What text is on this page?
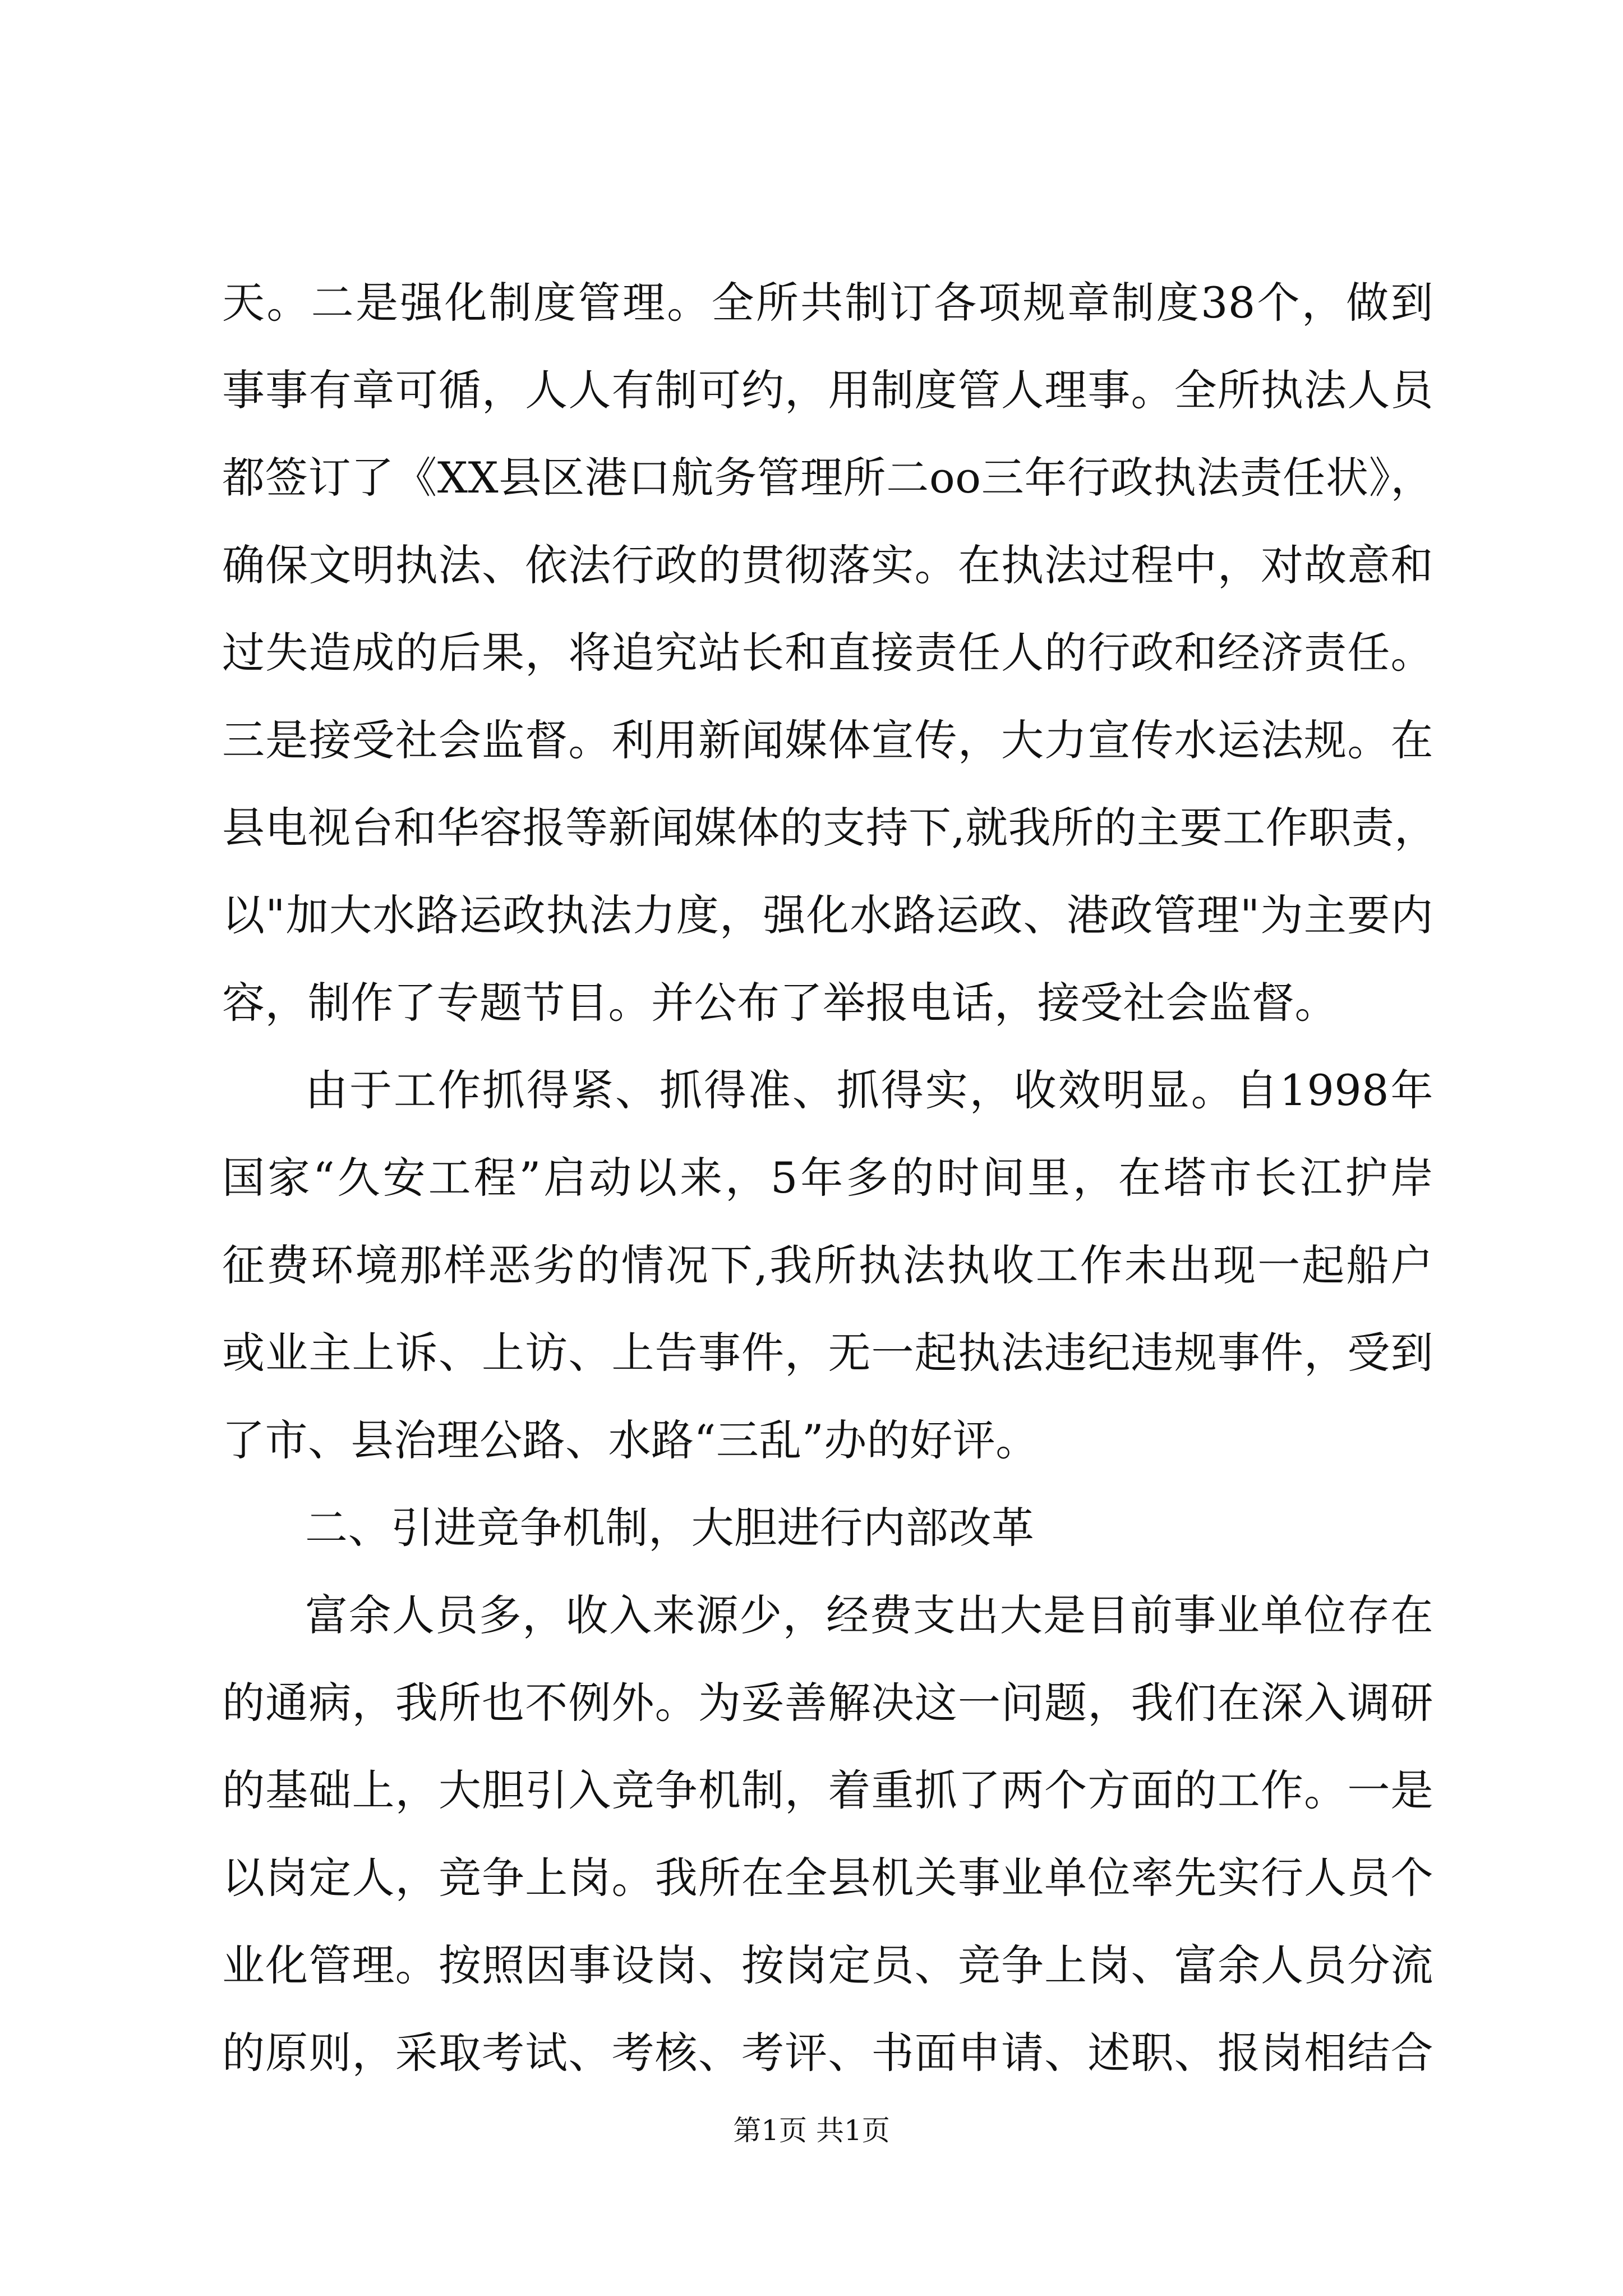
天。二是强化制度管理。全所共制订各项规章制度38个，做到
事事有章可循，人人有制可约，用制度管人理事。全所执法人员
都签订了《XX县区港口航务管理所二oo三年行政执法责任状》，
确保文明执法、依法行政的贯彻落实。在执法过程中，对故意和
过失造成的后果，将追究站长和直接责任人的行政和经济责任。
三是接受社会监督。利用新闻媒体宣传，大力宣传水运法规。在
县电视台和华容报等新闻媒体的支持下,就我所的主要工作职责，
以"加大水路运政执法力度，强化水路运政、港政管理"为主要内
容，制作了专题节目。并公布了举报电话，接受社会监督。
由于工作抓得紧、抓得准、抓得实，收效明显。自1998年
国家“久安工程”启动以来，5年多的时间里，在塔市长江护岸
征费环境那样恶劣的情况下,我所执法执收工作未出现一起船户
或业主上诉、上访、上告事件，无一起执法违纪违规事件，受到
了市、县治理公路、水路“三乱”办的好评。
二、引进竞争机制，大胆进行内部改革
富余人员多，收入来源少，经费支出大是目前事业单位存在
的通病，我所也不例外。为妥善解决这一问题，我们在深入调研
的基础上，大胆引入竞争机制，着重抓了两个方面的工作。一是
以岗定人，竞争上岗。我所在全县机关事业单位率先实行人员个
业化管理。按照因事设岗、按岗定员、竞争上岗、富余人员分流
的原则，采取考试、考核、考评、书面申请、述职、报岗相结合
第1页 共1页
